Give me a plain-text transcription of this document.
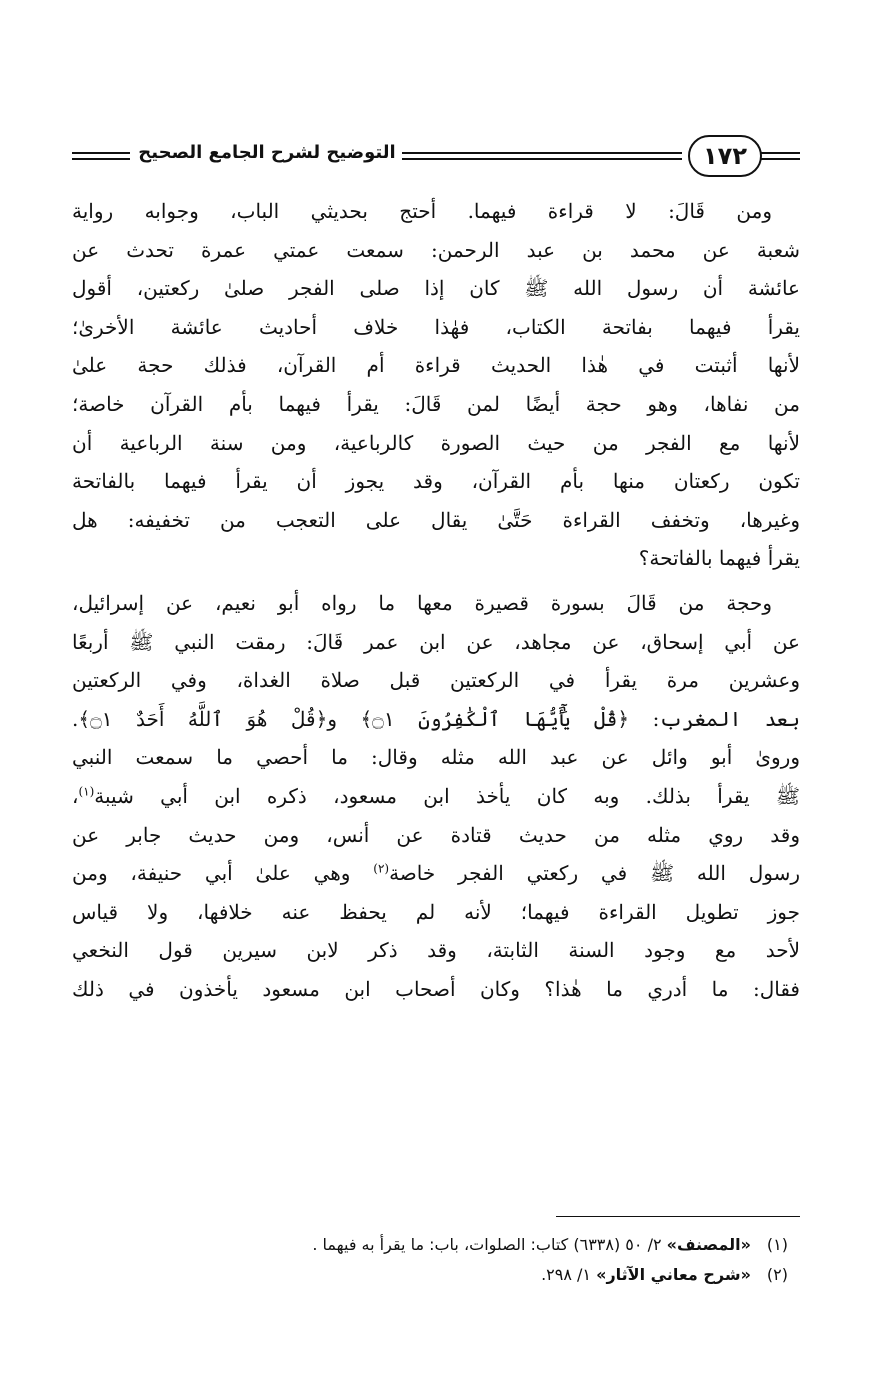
التوضيح لشرح الجامع الصحيح	١٧٢
ومن قَالَ: لا قراءة فيهما. أحتج بحديثي الباب، وجوابه رواية
شعبة عن محمد بن عبد الرحمن: سمعت عمتي عمرة تحدث عن
عائشة أن رسول الله ﷺ كان إذا صلى الفجر صلىٰ ركعتين، أقول
يقرأ فيهما بفاتحة الكتاب، فهٰذا خلاف أحاديث عائشة الأخرىٰ؛
لأنها أثبتت في هٰذا الحديث قراءة أم القرآن، فذلك حجة علىٰ
من نفاها، وهو حجة أيضًا لمن قَالَ: يقرأ فيهما بأم القرآن خاصة؛
لأنها مع الفجر من حيث الصورة كالرباعية، ومن سنة الرباعية أن
تكون ركعتان منها بأم القرآن، وقد يجوز أن يقرأ فيهما بالفاتحة
وغيرها، وتخفف القراءة حَتَّىٰ يقال على التعجب من تخفيفه: هل
يقرأ فيهما بالفاتحة؟
وحجة من قَالَ بسورة قصيرة معها ما رواه أبو نعيم، عن إسرائيل،
عن أبي إسحاق، عن مجاهد، عن ابن عمر قَالَ: رمقت النبي ﷺ أربعًا
وعشرين مرة يقرأ في الركعتين قبل صلاة الغداة، وفي الركعتين
بعد المغرب: ﴿قُلْ يَٰٓأَيُّهَا ٱلْكَٰفِرُونَ ۝١﴾ و﴿قُلْ هُوَ ٱللَّهُ أَحَدٌ ۝١﴾.
ورویٰ أبو وائل عن عبد الله مثله وقال: ما أحصي ما سمعت النبي
ﷺ يقرأ بذلك. وبه كان يأخذ ابن مسعود، ذكره ابن أبي شيبة$^{(١)}$،
وقد روي مثله من حديث قتادة عن أنس، ومن حديث جابر عن
رسول الله ﷺ في ركعتي الفجر خاصة$^{(٢)}$ وهي علىٰ أبي حنيفة، ومن
جوز تطويل القراءة فيهما؛ لأنه لم يحفظ عنه خلافها، ولا قياس
لأحد مع وجود السنة الثابتة، وقد ذكر لابن سيرين قول النخعي
فقال: ما أدري ما هٰذا؟ وكان أصحاب ابن مسعود يأخذون في ذلك
(١)«المصنف» ٢/ ٥٠ (٦٣٣٨) كتاب: الصلوات، باب: ما يقرأ به فيهما .
(٢)«شرح معاني الآثار» ١/ ٢٩٨.
